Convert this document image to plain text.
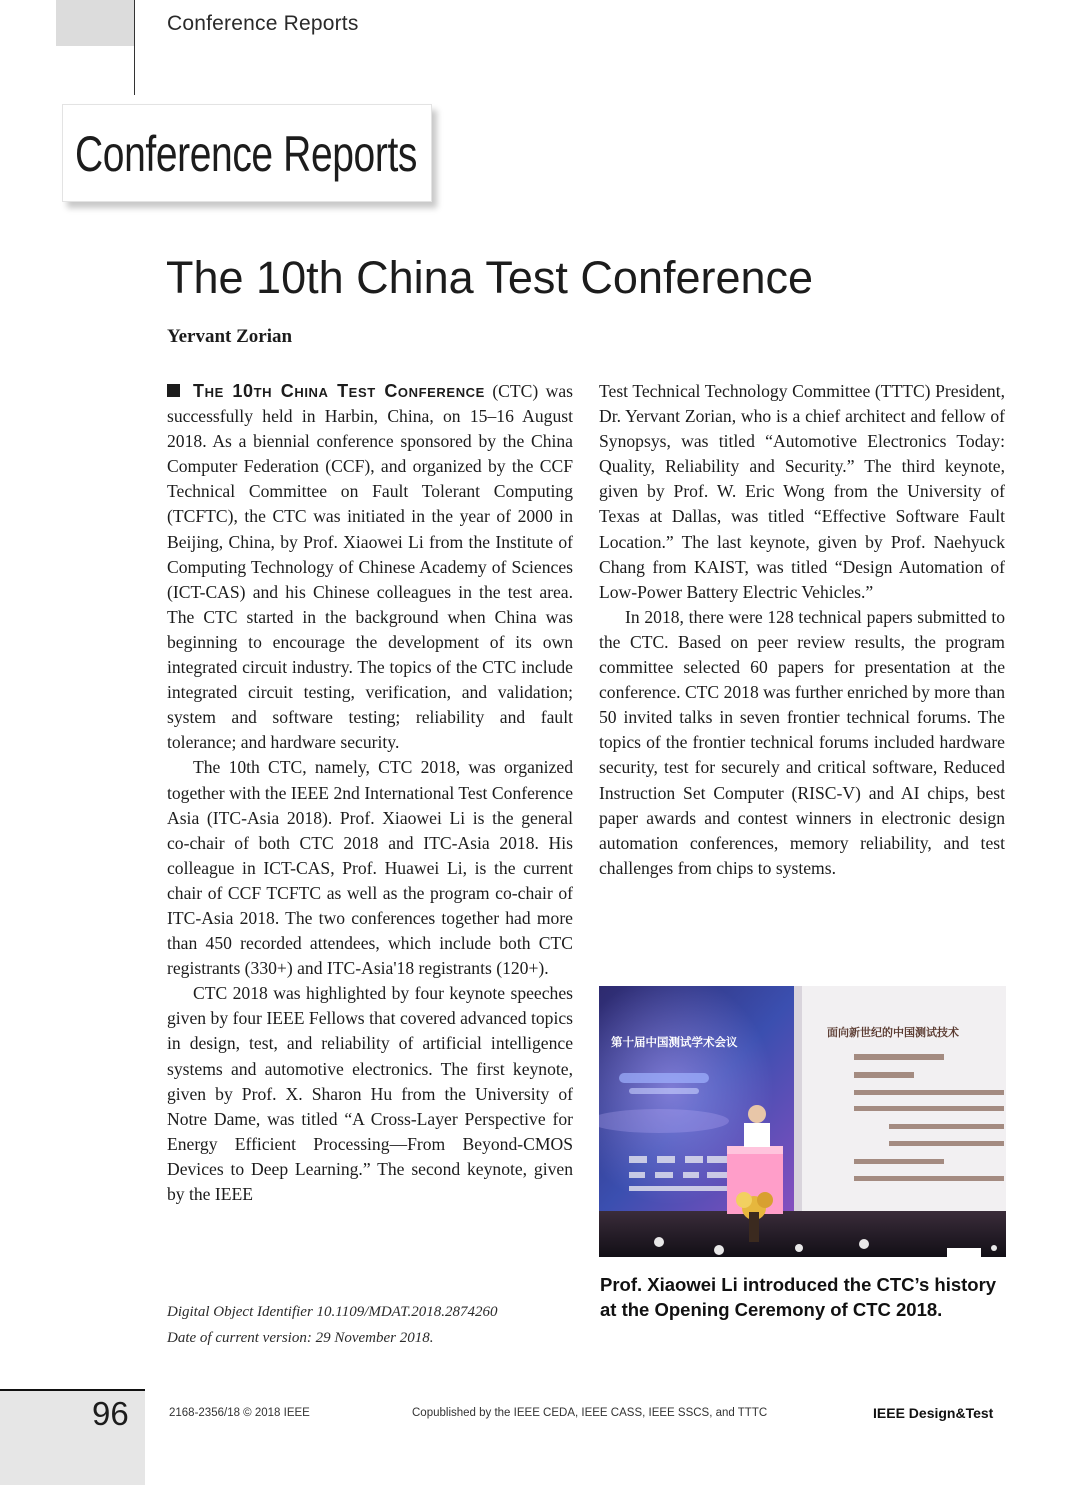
Conference Reports
Conference Reports
The 10th China Test Conference
Yervant Zorian

The 10th China Test Conference (CTC) was successfully held in Harbin, China, on 15–16 August 2018. As a biennial conference sponsored by the China Computer Federation (CCF), and organized by the CCF Technical Committee on Fault Tolerant Computing (TCFTC), the CTC was initiated in the year of 2000 in Beijing, China, by Prof. Xiaowei Li from the Institute of Computing Technology of Chinese Academy of Sciences (ICT-CAS) and his Chinese colleagues in the test area. The CTC started in the background when China was beginning to encourage the development of its own integrated circuit industry. The topics of the CTC include integrated circuit testing, verification, and validation; system and software testing; reliability and fault tolerance; and hardware security.

The 10th CTC, namely, CTC 2018, was organized together with the IEEE 2nd International Test Conference Asia (ITC-Asia 2018). Prof. Xiaowei Li is the general co-chair of both CTC 2018 and ITC-Asia 2018. His colleague in ICT-CAS, Prof. Huawei Li, is the current chair of CCF TCFTC as well as the program co-chair of ITC-Asia 2018. The two conferences together had more than 450 recorded attendees, which include both CTC registrants (330+) and ITC-Asia'18 registrants (120+).

CTC 2018 was highlighted by four keynote speeches given by four IEEE Fellows that covered advanced topics in design, test, and reliability of artificial intelligence systems and automotive electronics. The first keynote, given by Prof. X. Sharon Hu from the University of Notre Dame, was titled “A Cross-Layer Perspective for Energy Efficient Processing—From Beyond-CMOS Devices to Deep Learning.” The second keynote, given by the IEEE

Test Technical Technology Committee (TTTC) President, Dr. Yervant Zorian, who is a chief architect and fellow of Synopsys, was titled “Automotive Electronics Today: Quality, Reliability and Security.” The third keynote, given by Prof. W. Eric Wong from the University of Texas at Dallas, was titled “Effective Software Fault Location.” The last keynote, given by Prof. Naehyuck Chang from KAIST, was titled “Design Automation of Low-Power Battery Electric Vehicles.”

In 2018, there were 128 technical papers submitted to the CTC. Based on peer review results, the program committee selected 60 papers for presentation at the conference. CTC 2018 was further enriched by more than 50 invited talks in seven frontier technical forums. The topics of the frontier technical forums included hardware security, test for securely and critical software, Reduced Instruction Set Computer (RISC-V) and AI chips, best paper awards and contest winners in electronic design automation conferences, memory reliability, and test challenges from chips to systems.

Digital Object Identifier 10.1109/MDAT.2018.2874260
Date of current version: 29 November 2018.
面向新世纪的中国测试技术
第十届中国测试学术会议
Prof. Xiaowei Li introduced the CTC’s history at the Opening Ceremony of CTC 2018.
96	2168-2356/18 © 2018 IEEE	Copublished by the IEEE CEDA, IEEE CASS, IEEE SSCS, and TTTC	IEEE Design&Test
